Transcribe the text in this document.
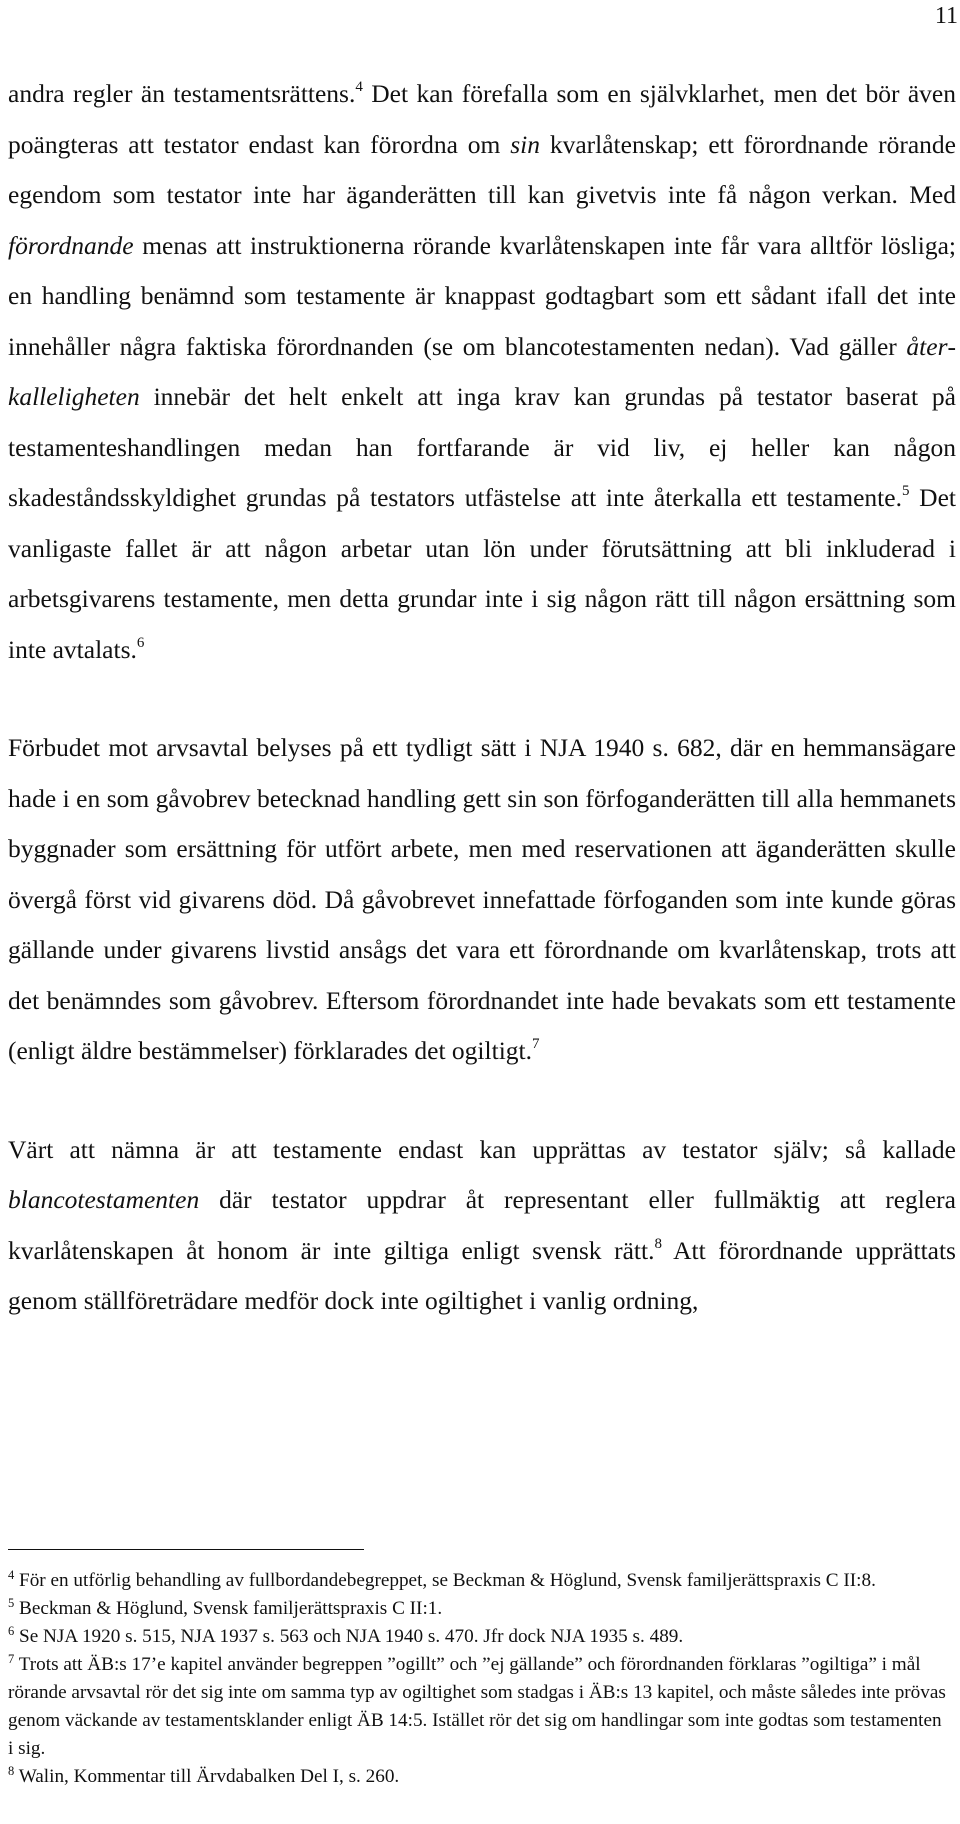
11

andra regler än testamentsrättens.$^4$ Det kan förefalla som en självklarhet, men det bör även poängteras att testator endast kan förordna om sin kvarlåtenskap; ett förordnande rörande egendom som testator inte har äganderätten till kan givetvis inte få någon verkan. Med förordnande menas att instruktionerna rörande kvarlåtenskapen inte får vara alltför lösliga; en handling benämnd som testamente är knappast godtagbart som ett sådant ifall det inte innehåller några faktiska förordnanden (se om blancotestamenten nedan). Vad gäller återkalleligheten innebär det helt enkelt att inga krav kan grundas på testator baserat på testamenteshandlingen medan han fortfarande är vid liv, ej heller kan någon skadeståndsskyldighet grundas på testators utfästelse att inte återkalla ett testamente.$^5$ Det vanligaste fallet är att någon arbetar utan lön under förutsättning att bli inkluderad i arbetsgivarens testamente, men detta grundar inte i sig någon rätt till någon ersättning som inte avtalats.$^6$

Förbudet mot arvsavtal belyses på ett tydligt sätt i NJA 1940 s. 682, där en hemmansägare hade i en som gåvobrev betecknad handling gett sin son förfoganderätten till alla hemmanets byggnader som ersättning för utfört arbete, men med reservationen att äganderätten skulle övergå först vid givarens död. Då gåvobrevet innefattade förfoganden som inte kunde göras gällande under givarens livstid ansågs det vara ett förordnande om kvarlåtenskap, trots att det benämndes som gåvobrev. Eftersom förordnandet inte hade bevakats som ett testamente (enligt äldre bestämmelser) förklarades det ogiltigt.$^7$

Värt att nämna är att testamente endast kan upprättas av testator själv; så kallade blancotestamenten där testator uppdrar åt representant eller fullmäktig att reglera kvarlåtenskapen åt honom är inte giltiga enligt svensk rätt.$^8$ Att förordnande upprättats genom ställföreträdare medför dock inte ogiltighet i vanlig ordning,

$^4$ För en utförlig behandling av fullbordandebegreppet, se Beckman & Höglund, Svensk familjerättspraxis C II:8.

$^5$ Beckman & Höglund, Svensk familjerättspraxis C II:1.

$^6$ Se NJA 1920 s. 515, NJA 1937 s. 563 och NJA 1940 s. 470. Jfr dock NJA 1935 s. 489.

$^7$ Trots att ÄB:s 17’e kapitel använder begreppen ”ogillt” och ”ej gällande” och förordnanden förklaras ”ogiltiga” i mål rörande arvsavtal rör det sig inte om samma typ av ogiltighet som stadgas i ÄB:s 13 kapitel, och måste således inte prövas genom väckande av testamentsklander enligt ÄB 14:5. Istället rör det sig om handlingar som inte godtas som testamenten i sig.

$^8$ Walin, Kommentar till Ärvdabalken Del I, s. 260.
